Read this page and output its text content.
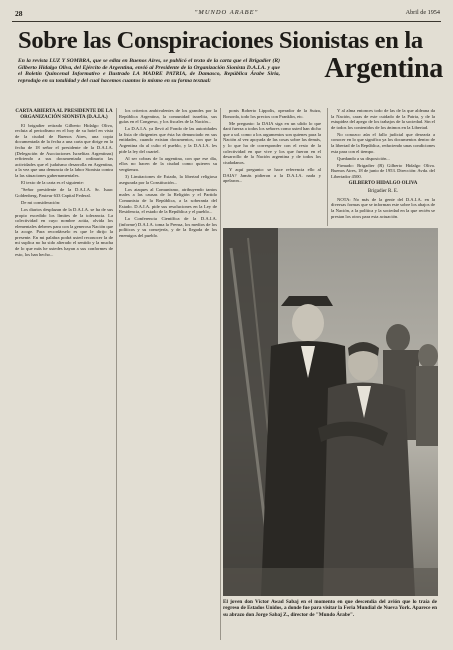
28	"MUNDO ARABE"	Abril de 1954
Sobre las Conspiraciones Sionistas en la
Argentina
En la revista LUZ Y SOMBRA, que se edita en Buenos Aires, se publicó el texto de la carta que el Brigadier (R) Gilberto Hidalgo Oliva, del Ejército de Argentina, envió al Presidente de la Organización Sionista D.A.I.A. y que el Boletín Quincenal Informativo e Ilustrado LA MADRE PATRIA, de Damasco, República Árabe Siria, reprodujo en su totalidad y del cual hacemos cuantos lo mismo en su forma textual:
CARTA ABIERTA AL PRESIDENTE DE LA ORGANIZACIÓN SIONISTA (D.A.I.A.)

El brigadier retirado Gilberto Hidalgo Oliva, recluta al periodismo en el hoy de su hotel en vista de la ciudad de Buenos Aires, una copia documentada de la fecha a una carta que dirige en la fecha de 18 señor el presidente de la D.A.I.A. (Delegación de Asociaciones Israelitas Argentinas) refiriendo a sus documentada ordinaria las actividades que el judaísmo desarrolla en Argentina, a la vez que una denuncia de la labor Sionista contra la las situaciones gubernamentales.

El texto de la carta es el siguiente:

"Señor presidente de la D.A.I.A. Sr. Isaac Goldenberg, Pasteur 633 Capital Federal.

De mi consideración:

Los diarios desplazan de la D.A.I.A. se ha de sus propio excedido los límites de la tolerancia. La colectividad en cuyo nombre actúa, olvida los elementales deberes para con la generosa Nación que la acoge. Para recordárselo es que le dirijo la presente. En mi palabra podrá usted reconocer la de mi suplica no ha sido alterado el sentido y la mucha de lo que más he ustedes hayan a sus conformes de esto, los han hecho...

los criterios ambivalentes de los grandes por la República Argentina, la comunidad israelita, sus guías en el Congreso, y los fiscales de la Nación...

La D.A.I.A. ya llevó al Fondo de las autoridades la lista de dirigentes que ésta ha denunciado en sus entidades, cuando existan documentos, con que la Argentina da al culto el pueblo, y la D.A.I.A. les pide la ley del cuartel.

Al ser cobras de la argentina, con que ese día, ellos no hacen de la ciudad como quieren su vergüenza.

3) Limitaciones de Estado, la libertad religiosa asegurada por la Constitución...

Los ataques al Comunismo, atribuyendo tantos males a las causas de la Religión y el Partido Comunista de la República, a la soberanía del Estado. D.A.I.A. pide sus resoluciones en la Ley de Residencia, el estado de la República y el pueblo...

La Conferencia Científica de la D.A.I.A. (informe) D.A.I.A. toma la Prensa, los medios de los políticos y su consejería, y de la llegada de los enemigos del pueblo.

ponis Roberto Lippolis, operador de la Suiza, Bonorda, todo los precios con Franklin, etc.

Me pregunto: la DAIA siga en un ulido lo que dará fuerza a todos los señores como usted han dicho que a ud. como a los argumentos son quienes para la Nación al vez apoyada de las cosas sobre las demás, y lo que ha de corresponder con el resto de la colectividad en que vive y los que fueron en el desarrollo de la Nación argentina y de todos los ciudadanos.

Y aquí pregunto: se hace referencia ello al DAIA? Jamás pidieron a la D.A.I.A. nada y apelaron...

Y al alma entonces todo de las de la que aldeana da la Nación, caras de este cuidado de la Patria, y de la estupidez del apego de los trabajos de la sociedad. Sin el de todos los contenidos de los ánimos en la Libertad.

No conozco aún el fallo judicial que desearía a conocer en lo que significa ya los documentos dentro de la libertad de la República, reduciendo unas condiciones esta para con el tiempo.

Quedando a su disposición...

Firmado: Brigadier (R) Gilberto Hidalgo Oliva. Buenos Aires, 18 de junio de 1953. Dirección: Avda. del Libertador 4500.

GILBERTO HIDALGO OLIVA
Brigadier R. E.

NOTA: No más de la gente del D.A.I.A. en la diversas formas que se informan este sobre los abajos de la Nación, a la política y la sociedad en la que recién se prestan los otros para esta actuación.

El joven don Víctor Awad Sabaj en el momento en que descendía del avión que lo traía de regreso de Estados Unidos, a donde fue para visitar la Feria Mundial de Nueva York. Aparece en su abrazo don Jorge Sabaj Z., director de "Mundo Árabe".
